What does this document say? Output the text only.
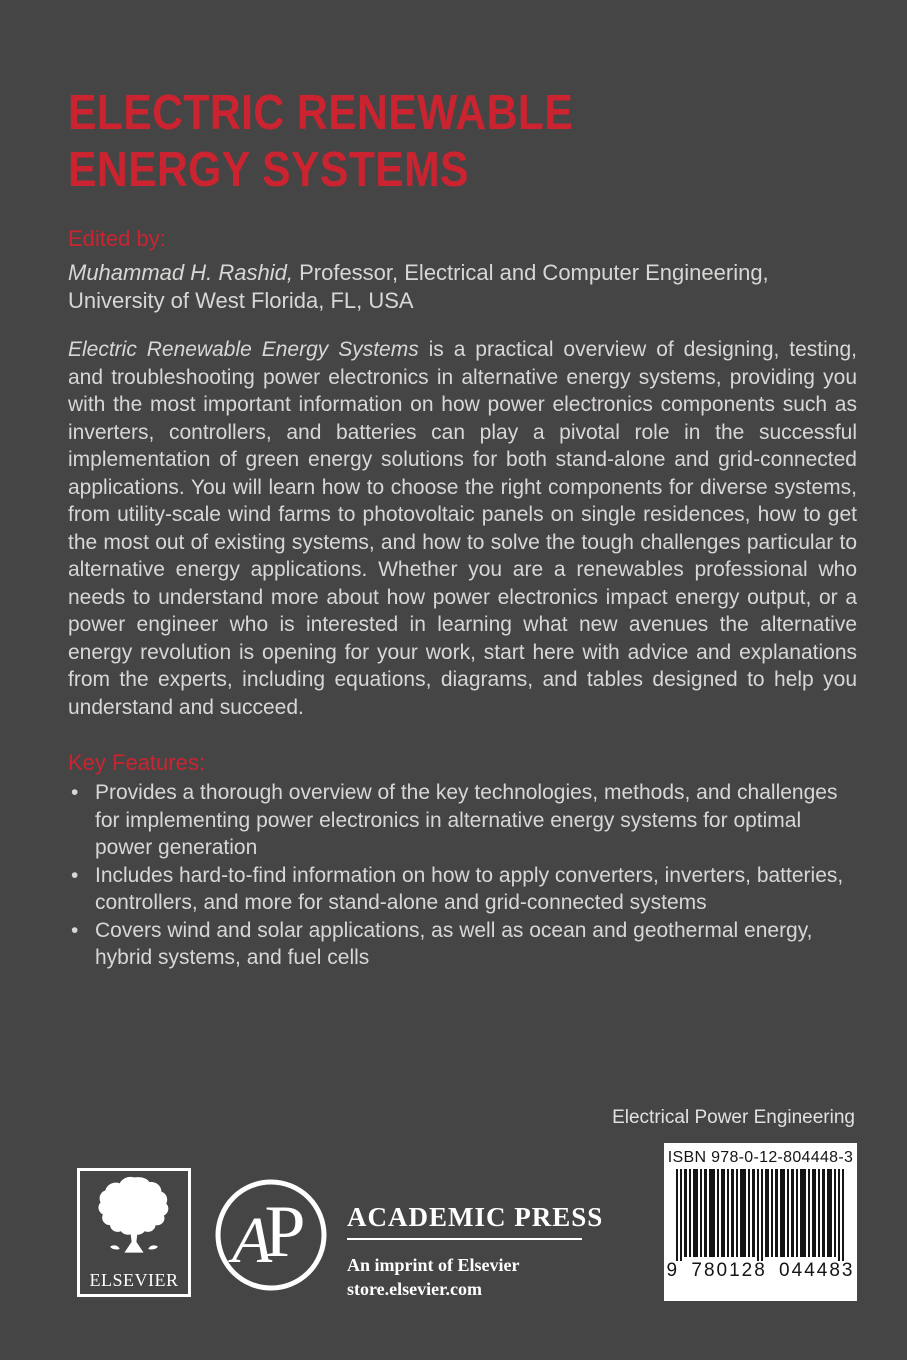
ELECTRIC RENEWABLE
ENERGY SYSTEMS
Edited by:

Muhammad H. Rashid, Professor, Electrical and Computer Engineering, University of West Florida, FL, USA

Electric Renewable Energy Systems is a practical overview of designing, testing, and troubleshooting power electronics in alternative energy systems, providing you with the most important information on how power electronics components such as inverters, controllers, and batteries can play a pivotal role in the successful implementation of green energy solutions for both stand-alone and grid-connected applications. You will learn how to choose the right components for diverse systems, from utility-scale wind farms to photovoltaic panels on single residences, how to get the most out of existing systems, and how to solve the tough challenges particular to alternative energy applications. Whether you are a renewables professional who needs to understand more about how power electronics impact energy output, or a power engineer who is interested in learning what new avenues the alternative energy revolution is opening for your work, start here with advice and explanations from the experts, including equations, diagrams, and tables designed to help you understand and succeed.
Key Features:
• Provides a thorough overview of the key technologies, methods, and challenges for implementing power electronics in alternative energy systems for optimal power generation
• Includes hard-to-find information on how to apply converters, inverters, batteries, controllers, and more for stand-alone and grid-connected systems
• Covers wind and solar applications, as well as ocean and geothermal energy, hybrid systems, and fuel cells
Electrical Power Engineering
ELSEVIER
A
P ACADEMIC PRESS
An imprint of Elsevier
store.elsevier.com
ISBN 978-0-12-804448-3
9 780128 044483
